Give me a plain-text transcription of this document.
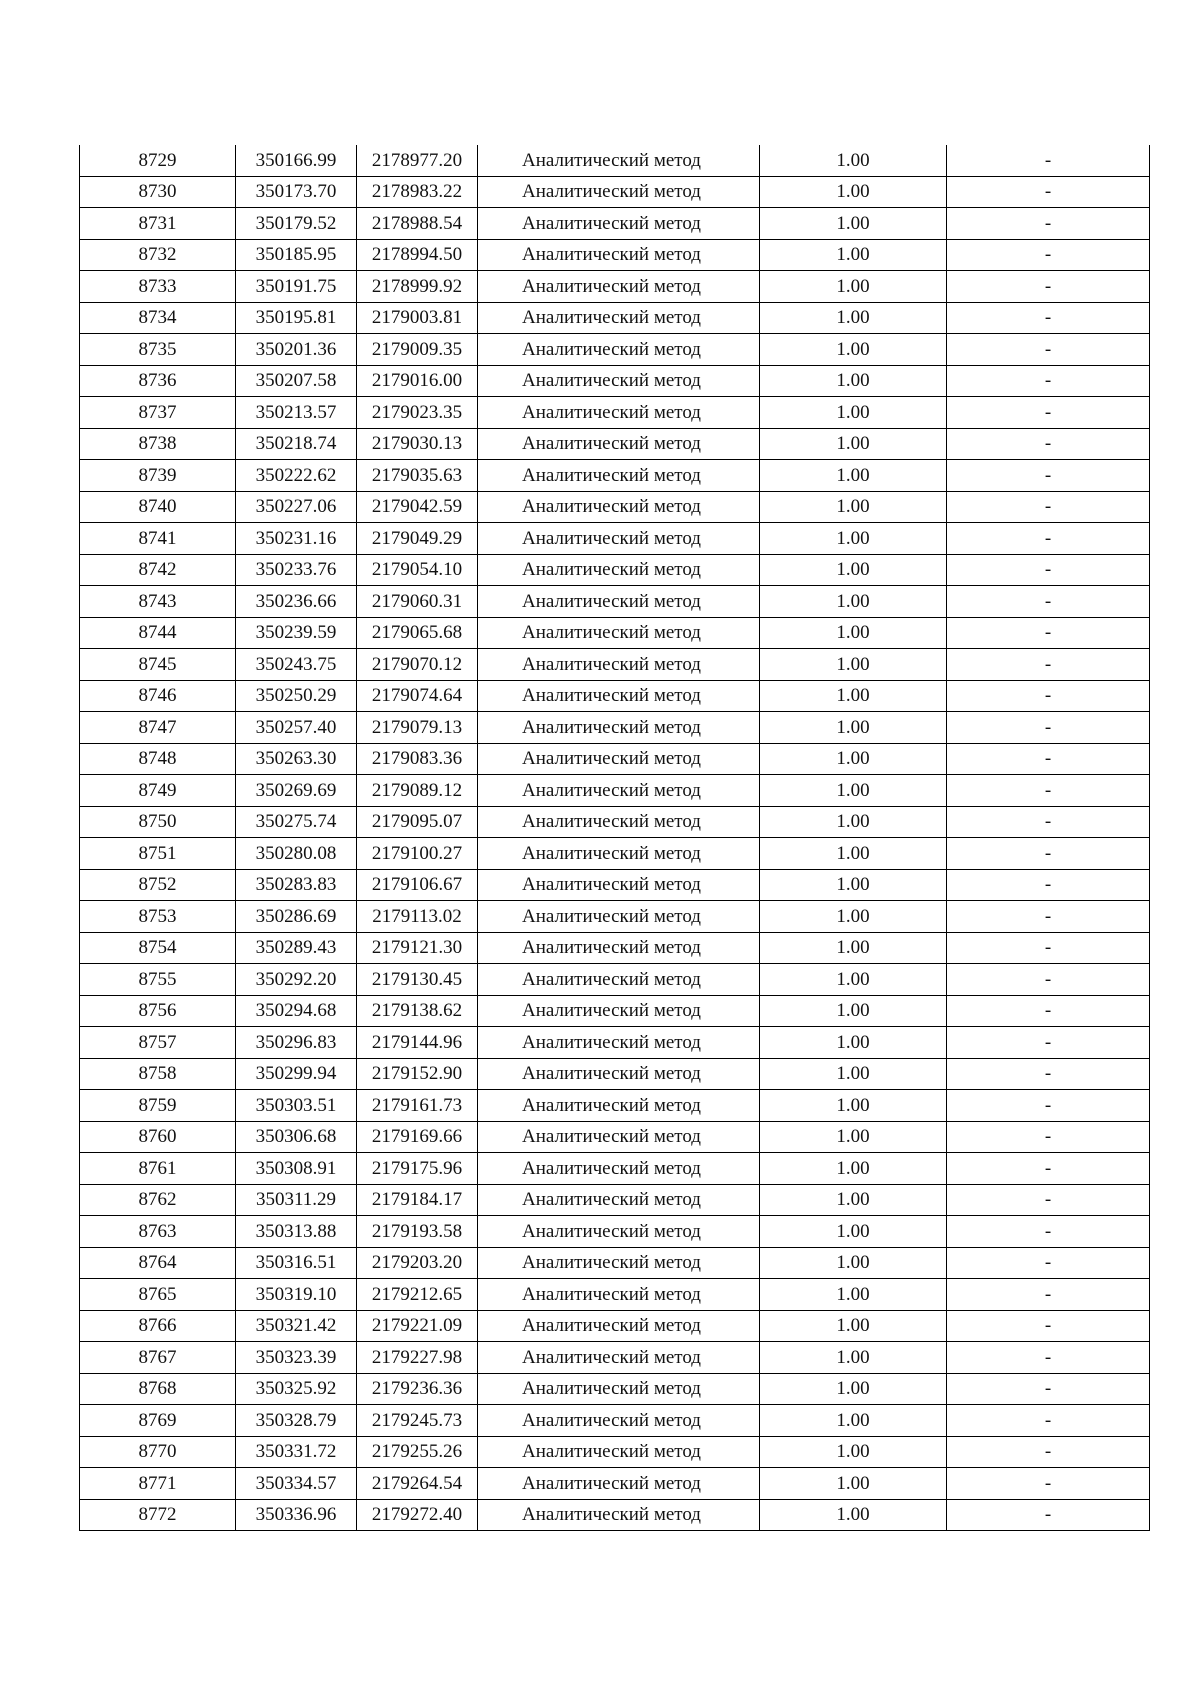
8729	350166.99	2178977.20	Аналитический метод	1.00	-
8730	350173.70	2178983.22	Аналитический метод	1.00	-
8731	350179.52	2178988.54	Аналитический метод	1.00	-
8732	350185.95	2178994.50	Аналитический метод	1.00	-
8733	350191.75	2178999.92	Аналитический метод	1.00	-
8734	350195.81	2179003.81	Аналитический метод	1.00	-
8735	350201.36	2179009.35	Аналитический метод	1.00	-
8736	350207.58	2179016.00	Аналитический метод	1.00	-
8737	350213.57	2179023.35	Аналитический метод	1.00	-
8738	350218.74	2179030.13	Аналитический метод	1.00	-
8739	350222.62	2179035.63	Аналитический метод	1.00	-
8740	350227.06	2179042.59	Аналитический метод	1.00	-
8741	350231.16	2179049.29	Аналитический метод	1.00	-
8742	350233.76	2179054.10	Аналитический метод	1.00	-
8743	350236.66	2179060.31	Аналитический метод	1.00	-
8744	350239.59	2179065.68	Аналитический метод	1.00	-
8745	350243.75	2179070.12	Аналитический метод	1.00	-
8746	350250.29	2179074.64	Аналитический метод	1.00	-
8747	350257.40	2179079.13	Аналитический метод	1.00	-
8748	350263.30	2179083.36	Аналитический метод	1.00	-
8749	350269.69	2179089.12	Аналитический метод	1.00	-
8750	350275.74	2179095.07	Аналитический метод	1.00	-
8751	350280.08	2179100.27	Аналитический метод	1.00	-
8752	350283.83	2179106.67	Аналитический метод	1.00	-
8753	350286.69	2179113.02	Аналитический метод	1.00	-
8754	350289.43	2179121.30	Аналитический метод	1.00	-
8755	350292.20	2179130.45	Аналитический метод	1.00	-
8756	350294.68	2179138.62	Аналитический метод	1.00	-
8757	350296.83	2179144.96	Аналитический метод	1.00	-
8758	350299.94	2179152.90	Аналитический метод	1.00	-
8759	350303.51	2179161.73	Аналитический метод	1.00	-
8760	350306.68	2179169.66	Аналитический метод	1.00	-
8761	350308.91	2179175.96	Аналитический метод	1.00	-
8762	350311.29	2179184.17	Аналитический метод	1.00	-
8763	350313.88	2179193.58	Аналитический метод	1.00	-
8764	350316.51	2179203.20	Аналитический метод	1.00	-
8765	350319.10	2179212.65	Аналитический метод	1.00	-
8766	350321.42	2179221.09	Аналитический метод	1.00	-
8767	350323.39	2179227.98	Аналитический метод	1.00	-
8768	350325.92	2179236.36	Аналитический метод	1.00	-
8769	350328.79	2179245.73	Аналитический метод	1.00	-
8770	350331.72	2179255.26	Аналитический метод	1.00	-
8771	350334.57	2179264.54	Аналитический метод	1.00	-
8772	350336.96	2179272.40	Аналитический метод	1.00	-
